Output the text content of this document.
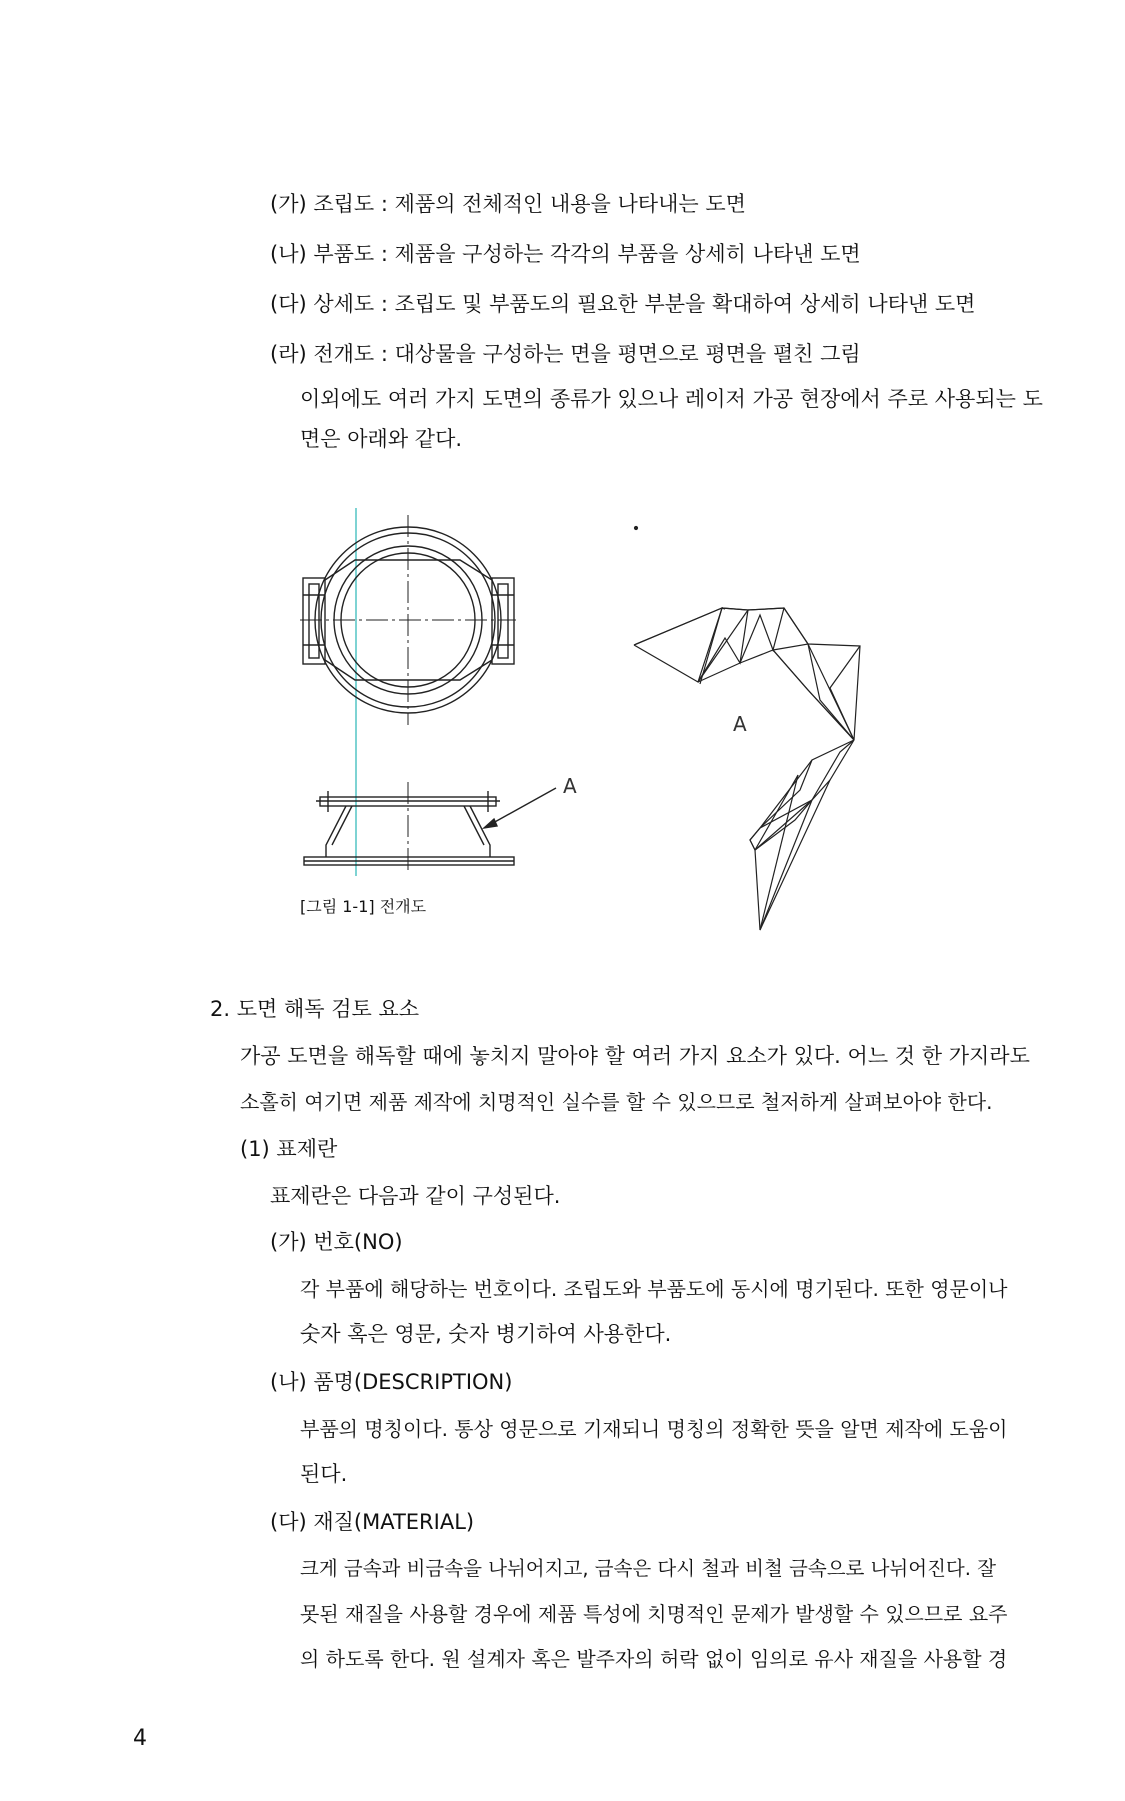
(가) 조립도 : 제품의 전체적인 내용을 나타내는 도면
(나) 부품도 : 제품을 구성하는 각각의 부품을 상세히 나타낸 도면
(다) 상세도 : 조립도 및 부품도의 필요한 부분을 확대하여 상세히 나타낸 도면
(라) 전개도 : 대상물을 구성하는 면을 평면으로 평면을 펼친 그림
이외에도 여러 가지 도면의 종류가 있으나 레이저 가공 현장에서 주로 사용되는 도
면은 아래와 같다.
A
A
[그림 1-1] 전개도
2. 도면 해독 검토 요소
가공 도면을 해독할 때에 놓치지 말아야 할 여러 가지 요소가 있다. 어느 것 한 가지라도
소홀히 여기면 제품 제작에 치명적인 실수를 할 수 있으므로 철저하게 살펴보아야 한다.
(1) 표제란
표제란은 다음과 같이 구성된다.
(가) 번호(NO)
각 부품에 해당하는 번호이다. 조립도와 부품도에 동시에 명기된다. 또한 영문이나
숫자 혹은 영문, 숫자 병기하여 사용한다.
(나) 품명(DESCRIPTION)
부품의 명칭이다. 통상 영문으로 기재되니 명칭의 정확한 뜻을 알면 제작에 도움이
된다.
(다) 재질(MATERIAL)
크게 금속과 비금속을 나뉘어지고, 금속은 다시 철과 비철 금속으로 나뉘어진다. 잘
못된 재질을 사용할 경우에 제품 특성에 치명적인 문제가 발생할 수 있으므로 요주
의 하도록 한다. 원 설계자 혹은 발주자의 허락 없이 임의로 유사 재질을 사용할 경
4
